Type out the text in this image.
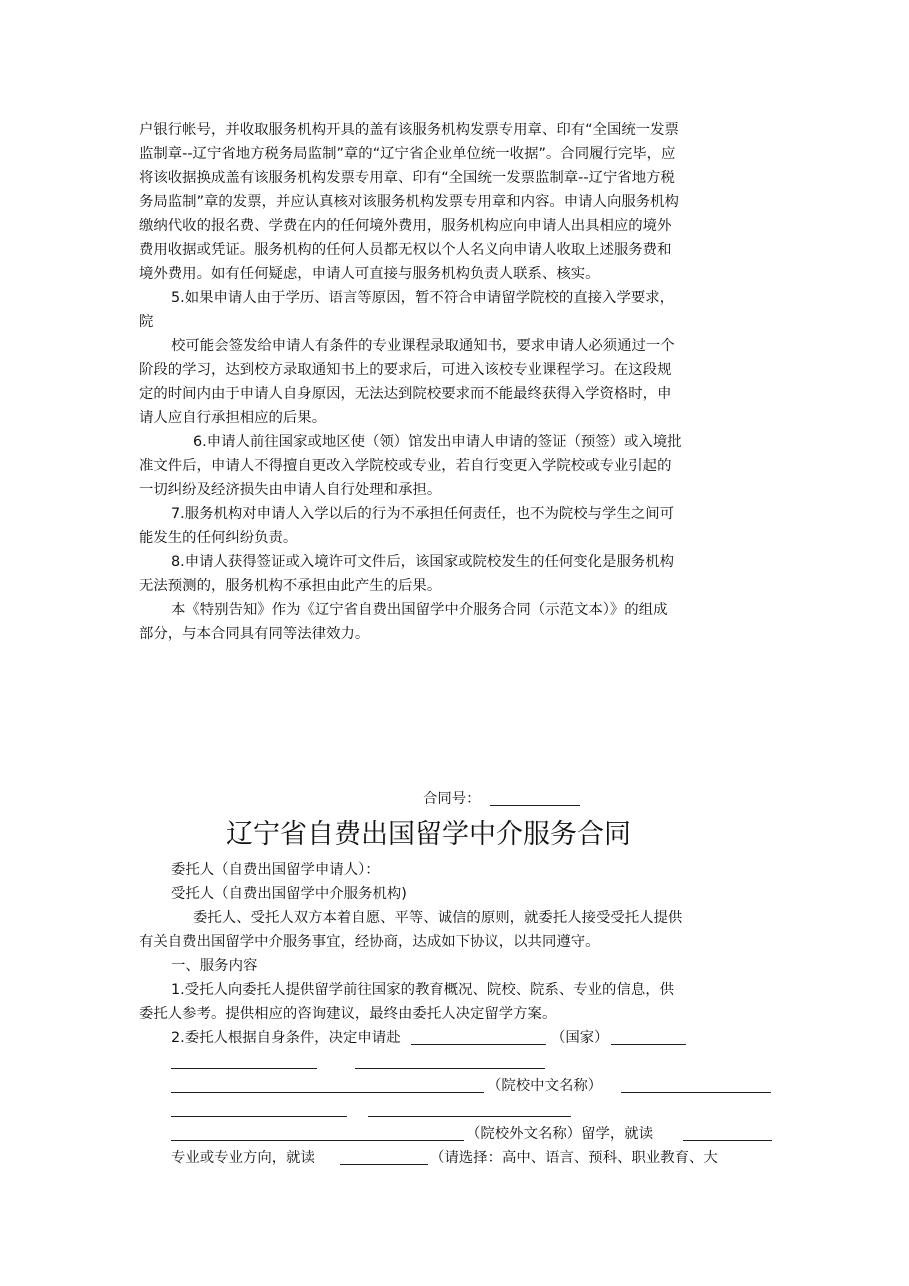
户银行帐号，并收取服务机构开具的盖有该服务机构发票专用章、印有“全国统一发票
监制章--辽宁省地方税务局监制”章的“辽宁省企业单位统一收据”。合同履行完毕，应
将该收据换成盖有该服务机构发票专用章、印有“全国统一发票监制章--辽宁省地方税
务局监制”章的发票，并应认真核对该服务机构发票专用章和内容。申请人向服务机构
缴纳代收的报名费、学费在内的任何境外费用，服务机构应向申请人出具相应的境外
费用收据或凭证。服务机构的任何人员都无权以个人名义向申请人收取上述服务费和
境外费用。如有任何疑虑，申请人可直接与服务机构负责人联系、核实。
5.如果申请人由于学历、语言等原因，暂不符合申请留学院校的直接入学要求，
院
校可能会签发给申请人有条件的专业课程录取通知书，要求申请人必须通过一个
阶段的学习，达到校方录取通知书上的要求后，可进入该校专业课程学习。在这段规
定的时间内由于申请人自身原因，无法达到院校要求而不能最终获得入学资格时，申
请人应自行承担相应的后果。
6.申请人前往国家或地区使（领）馆发出申请人申请的签证（预签）或入境批
准文件后，申请人不得擅自更改入学院校或专业，若自行变更入学院校或专业引起的
一切纠纷及经济损失由申请人自行处理和承担。
7.服务机构对申请人入学以后的行为不承担任何责任，也不为院校与学生之间可
能发生的任何纠纷负责。
8.申请人获得签证或入境许可文件后，该国家或院校发生的任何变化是服务机构
无法预测的，服务机构不承担由此产生的后果。
本《特别告知》作为《辽宁省自费出国留学中介服务合同（示范文本）》的组成
部分，与本合同具有同等法律效力。
合同号：
辽宁省自费出国留学中介服务合同
委托人（自费出国留学申请人）：
受托人（自费出国留学中介服务机构)
委托人、受托人双方本着自愿、平等、诚信的原则，就委托人接受受托人提供
有关自费出国留学中介服务事宜，经协商，达成如下协议，以共同遵守。
一、服务内容
1.受托人向委托人提供留学前往国家的教育概况、院校、院系、专业的信息，供
委托人参考。提供相应的咨询建议，最终由委托人决定留学方案。
2.委托人根据自身条件，决定申请赴	（国家）
（院校中文名称）
（院校外文名称）留学，就读
专业或专业方向，就读	（请选择：高中、语言、预科、职业教育、大
